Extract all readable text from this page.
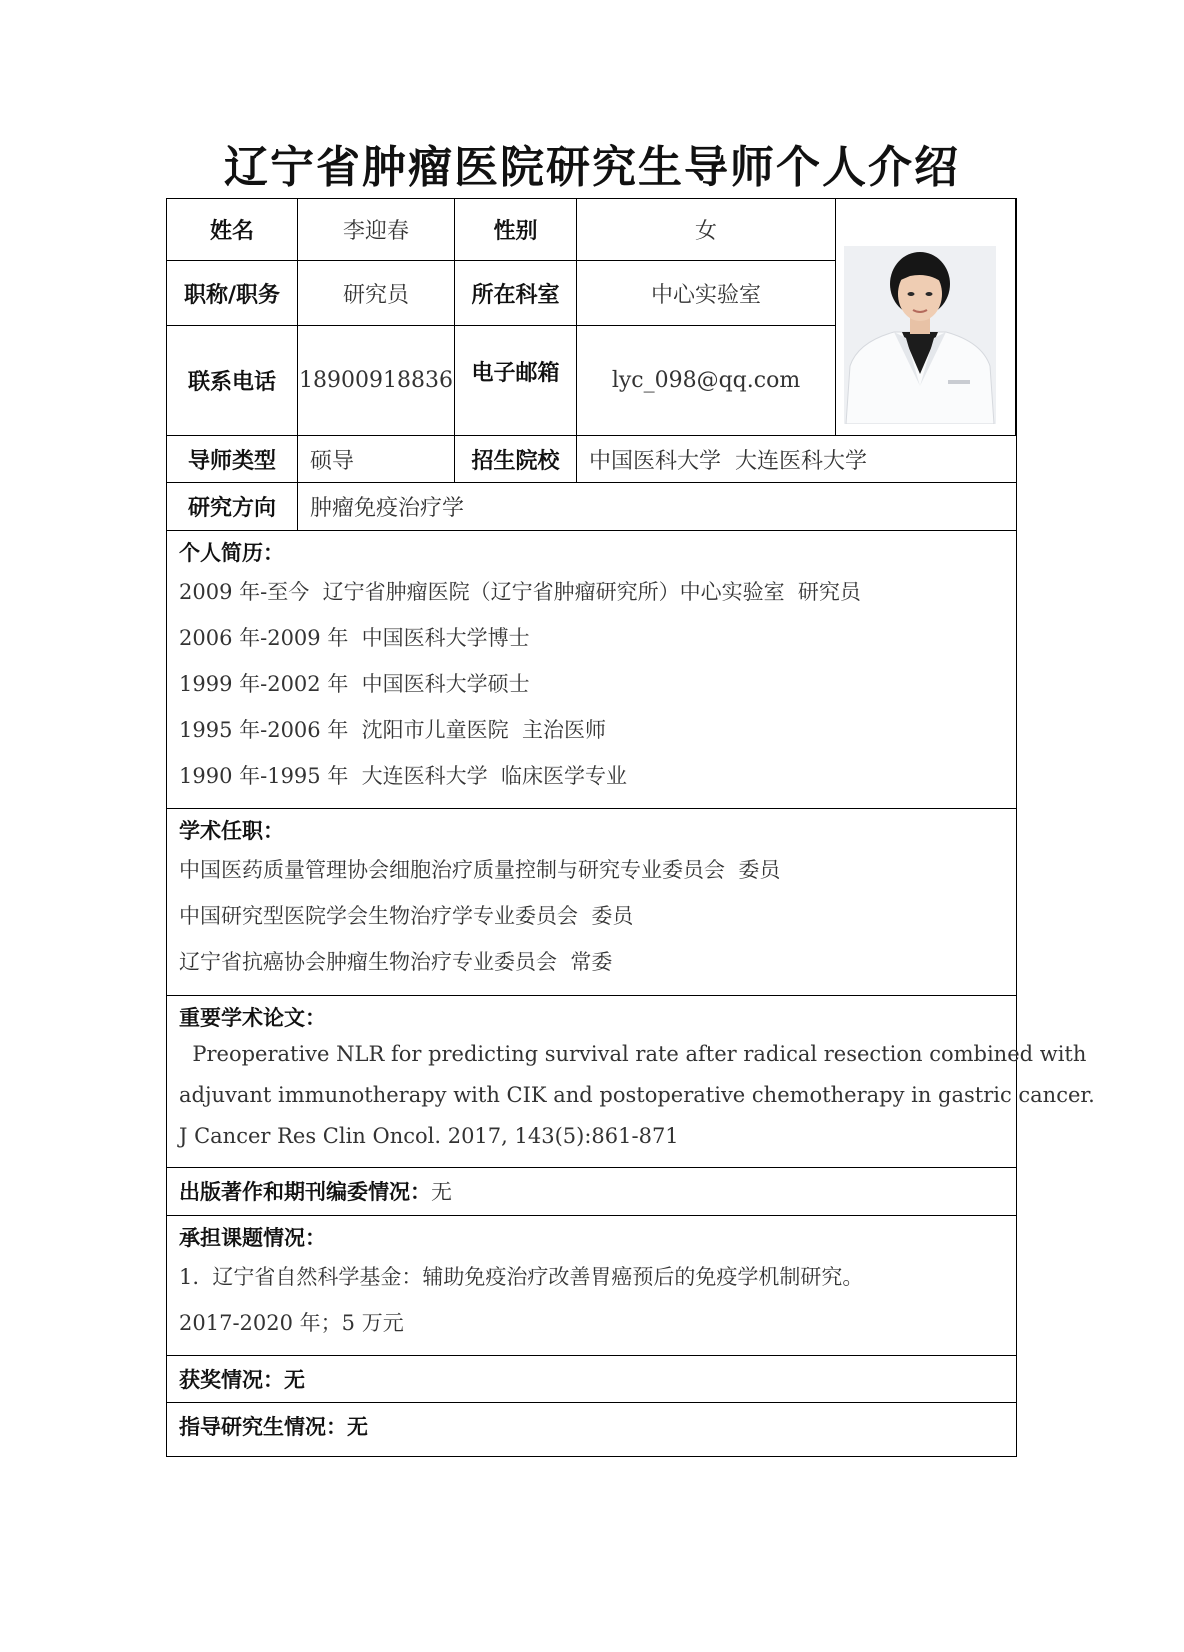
辽宁省肿瘤医院研究生导师个人介绍
姓名	李迎春	性别	女
职称/职务	研究员	所在科室	中心实验室
联系电话	18900918836 电子邮箱	lyc_098@qq.com
导师类型	硕导	招生院校	中国医科大学  大连医科大学
研究方向	肿瘤免疫治疗学
个人简历：
2009 年-至今  辽宁省肿瘤医院（辽宁省肿瘤研究所）中心实验室  研究员
2006 年-2009 年  中国医科大学博士
1999 年-2002 年  中国医科大学硕士
1995 年-2006 年  沈阳市儿童医院  主治医师
1990 年-1995 年  大连医科大学  临床医学专业
学术任职：
中国医药质量管理协会细胞治疗质量控制与研究专业委员会  委员
中国研究型医院学会生物治疗学专业委员会  委员
辽宁省抗癌协会肿瘤生物治疗专业委员会  常委
重要学术论文：
Preoperative NLR for predicting survival rate after radical resection combined with
adjuvant immunotherapy with CIK and postoperative chemotherapy in gastric cancer.
J Cancer Res Clin Oncol. 2017, 143(5):861-871
出版著作和期刊编委情况： 无
承担课题情况：
1.  辽宁省自然科学基金：辅助免疫治疗改善胃癌预后的免疫学机制研究。
2017-2020 年；5 万元
获奖情况： 无
指导研究生情况： 无
